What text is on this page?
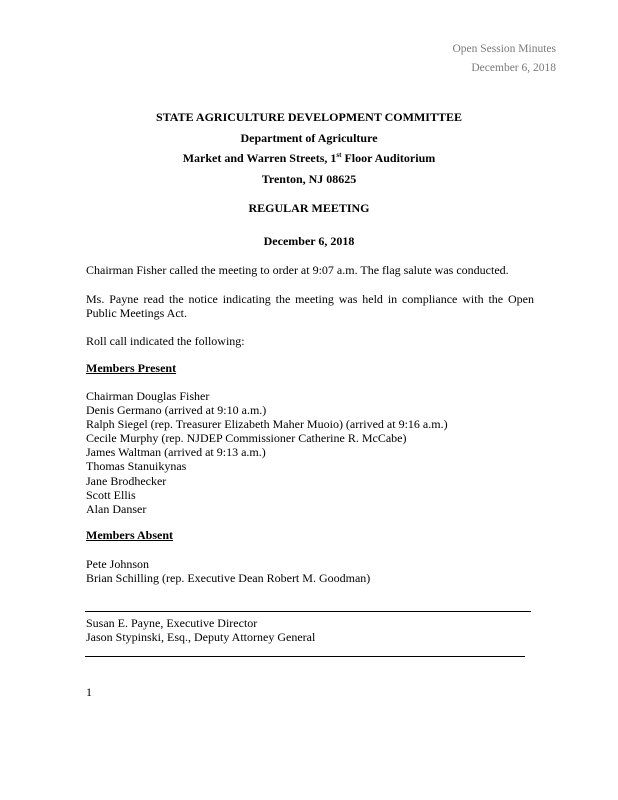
Open Session Minutes
December 6, 2018
STATE AGRICULTURE DEVELOPMENT COMMITTEE
Department of Agriculture
Market and Warren Streets, 1st Floor Auditorium
Trenton, NJ 08625
REGULAR MEETING
December 6, 2018
Chairman Fisher called the meeting to order at 9:07 a.m. The flag salute was conducted.
Ms. Payne read the notice indicating the meeting was held in compliance with the Open Public Meetings Act.
Roll call indicated the following:
Members Present
Chairman Douglas Fisher
Denis Germano (arrived at 9:10 a.m.)
Ralph Siegel (rep. Treasurer Elizabeth Maher Muoio) (arrived at 9:16 a.m.)
Cecile Murphy (rep. NJDEP Commissioner Catherine R. McCabe)
James Waltman (arrived at 9:13 a.m.)
Thomas Stanuikynas
Jane Brodhecker
Scott Ellis
Alan Danser
Members Absent
Pete Johnson
Brian Schilling (rep. Executive Dean Robert M. Goodman)
Susan E. Payne, Executive Director
Jason Stypinski, Esq., Deputy Attorney General
1
